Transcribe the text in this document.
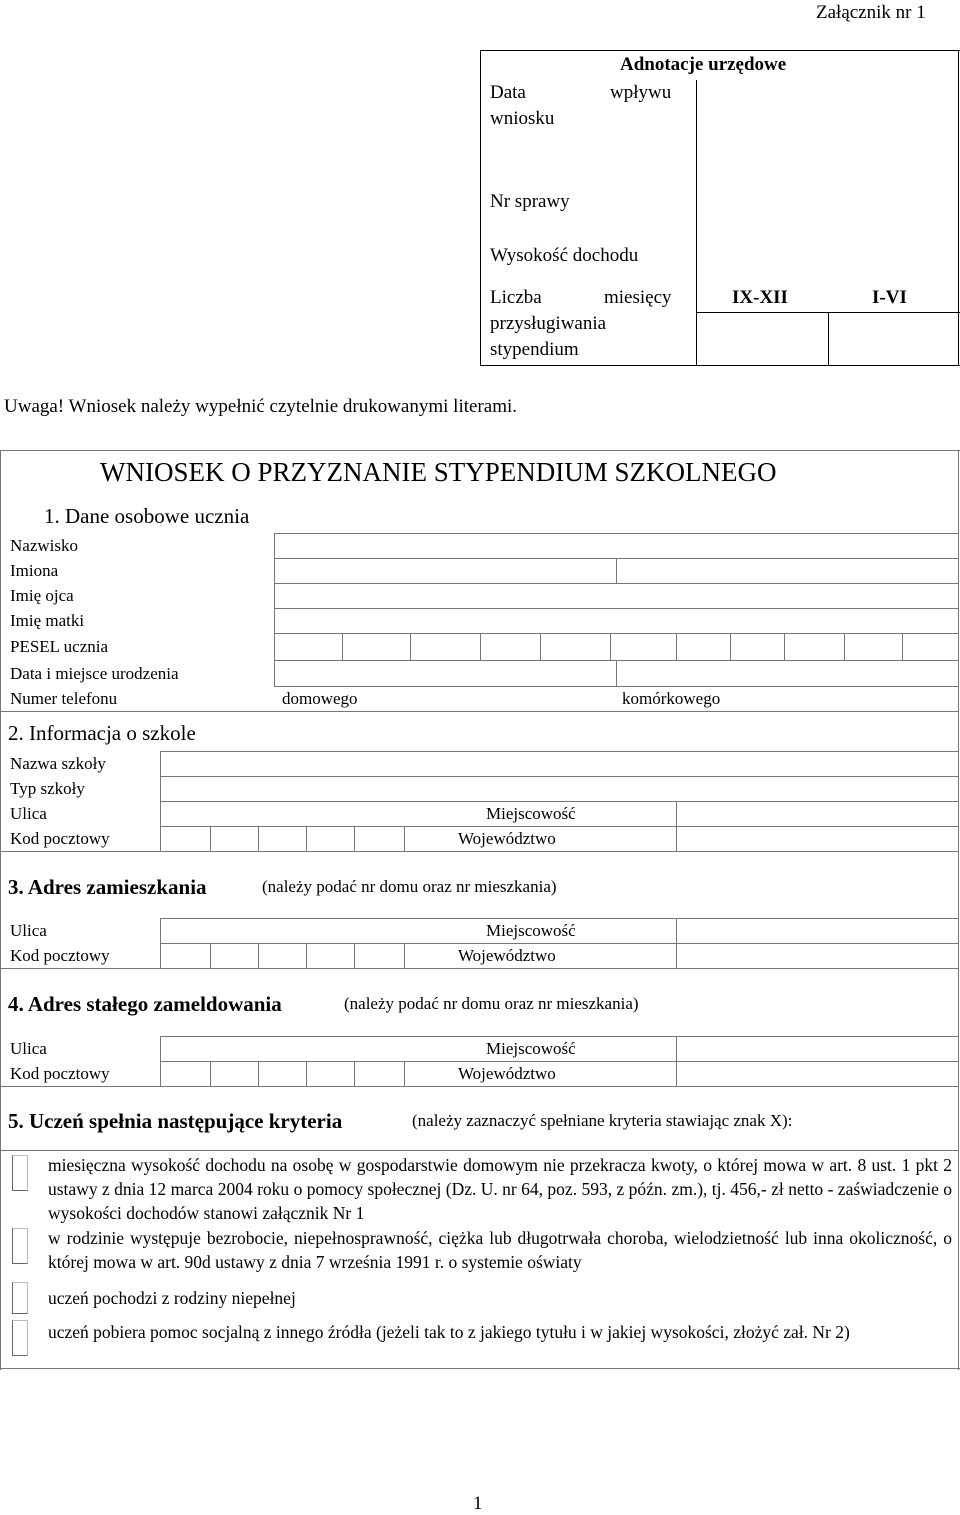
Załącznik nr 1
Adnotacje urzędowe
Data	wpływu
wniosku
Nr sprawy
Wysokość dochodu
Liczba	miesięcy
przysługiwania
stypendium
IX-XII	I-VI
Uwaga! Wniosek należy wypełnić czytelnie drukowanymi literami.
WNIOSEK O PRZYZNANIE STYPENDIUM SZKOLNEGO
1. Dane osobowe ucznia
Nazwisko
Imiona
Imię ojca
Imię matki
PESEL ucznia
Data i miejsce urodzenia
Numer telefonu	domowego	komórkowego
2. Informacja o szkole
Nazwa szkoły
Typ szkoły
Ulica	Miejscowość
Kod pocztowy	Województwo
3. Adres zamieszkania	(należy podać nr domu oraz nr mieszkania)
Ulica	Miejscowość
Kod pocztowy	Województwo
4. Adres stałego zameldowania	(należy podać nr domu oraz nr mieszkania)
Ulica	Miejscowość
Kod pocztowy	Województwo
5. Uczeń spełnia następujące kryteria	(należy zaznaczyć spełniane kryteria stawiając znak X):
miesięczna wysokość dochodu na osobę w gospodarstwie domowym nie przekracza kwoty, o której mowa w art. 8 ust. 1 pkt 2 ustawy z dnia 12 marca 2004 roku o pomocy społecznej (Dz. U. nr 64, poz. 593, z późn. zm.), tj. 456,- zł netto - zaświadczenie o wysokości dochodów stanowi załącznik Nr 1
w rodzinie występuje bezrobocie, niepełnosprawność, ciężka lub długotrwała choroba, wielodzietność lub inna okoliczność, o której mowa w art. 90d ustawy z dnia 7 września 1991 r. o systemie oświaty
uczeń pochodzi z rodziny niepełnej
uczeń pobiera pomoc socjalną z innego źródła (jeżeli tak to z jakiego tytułu i w jakiej wysokości, złożyć zał. Nr 2)
1
